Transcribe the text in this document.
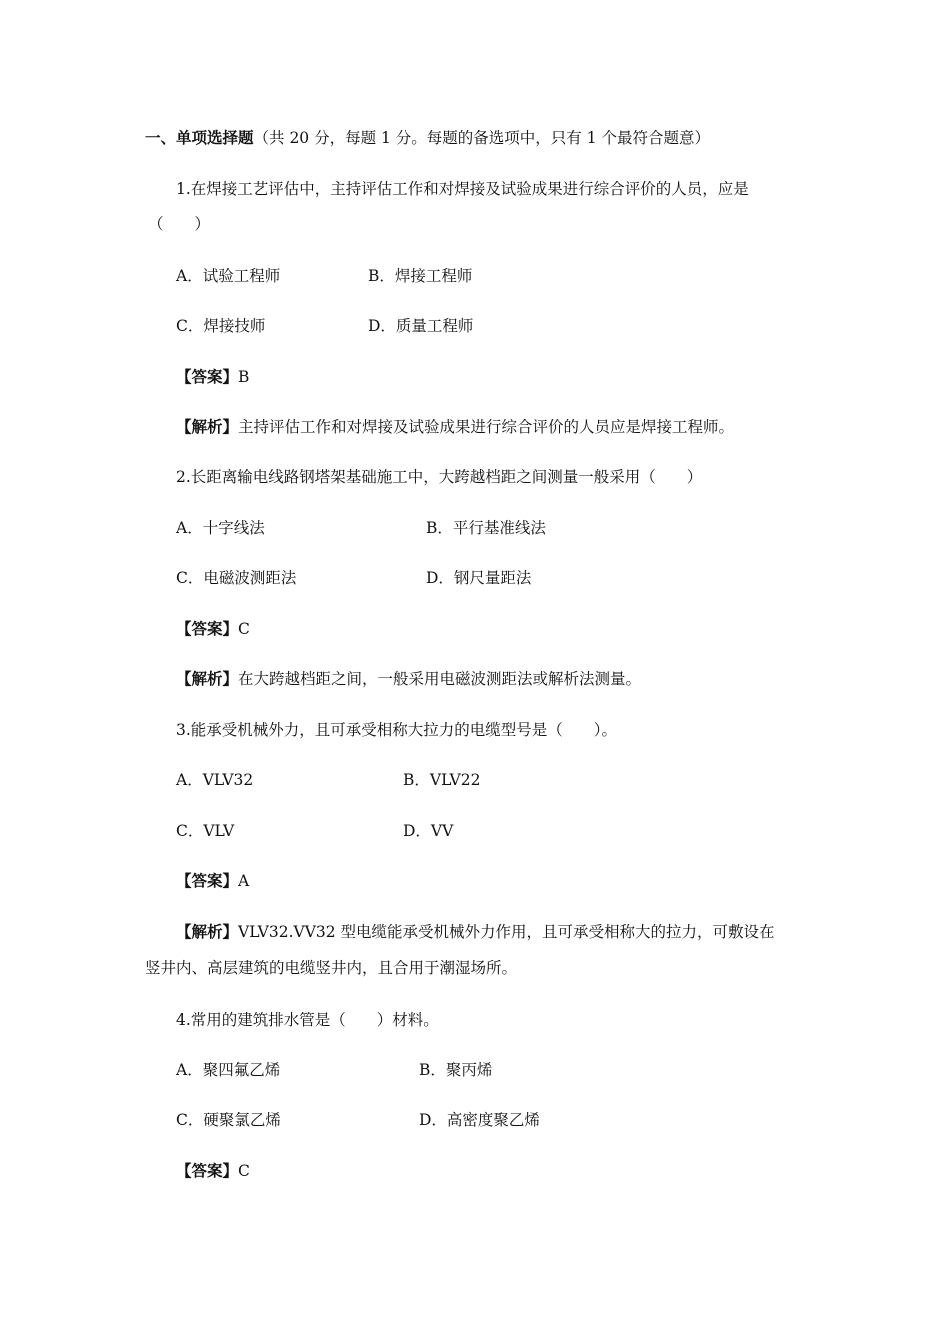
一、单项选择题（共 20 分，每题 1 分。每题的备选项中，只有 1 个最符合题意）
1.在焊接工艺评估中，主持评估工作和对焊接及试验成果进行综合评价的人员，应是
（　　）
A．试验工程师	B．焊接工程师
C．焊接技师	D．质量工程师
【答案】B
【解析】主持评估工作和对焊接及试验成果进行综合评价的人员应是焊接工程师。
2.长距离输电线路钢塔架基础施工中，大跨越档距之间测量一般采用（　　）
A．十字线法	B．平行基准线法
C．电磁波测距法	D．钢尺量距法
【答案】C
【解析】在大跨越档距之间，一般采用电磁波测距法或解析法测量。
3.能承受机械外力，且可承受相称大拉力的电缆型号是（　　）。
A．VLV32	B．VLV22
C．VLV	D．VV
【答案】A
【解析】VLV32.VV32 型电缆能承受机械外力作用，且可承受相称大的拉力，可敷设在
竖井内、高层建筑的电缆竖井内，且合用于潮湿场所。
4.常用的建筑排水管是（　　）材料。
A．聚四氟乙烯	B．聚丙烯
C．硬聚氯乙烯	D．高密度聚乙烯
【答案】C
